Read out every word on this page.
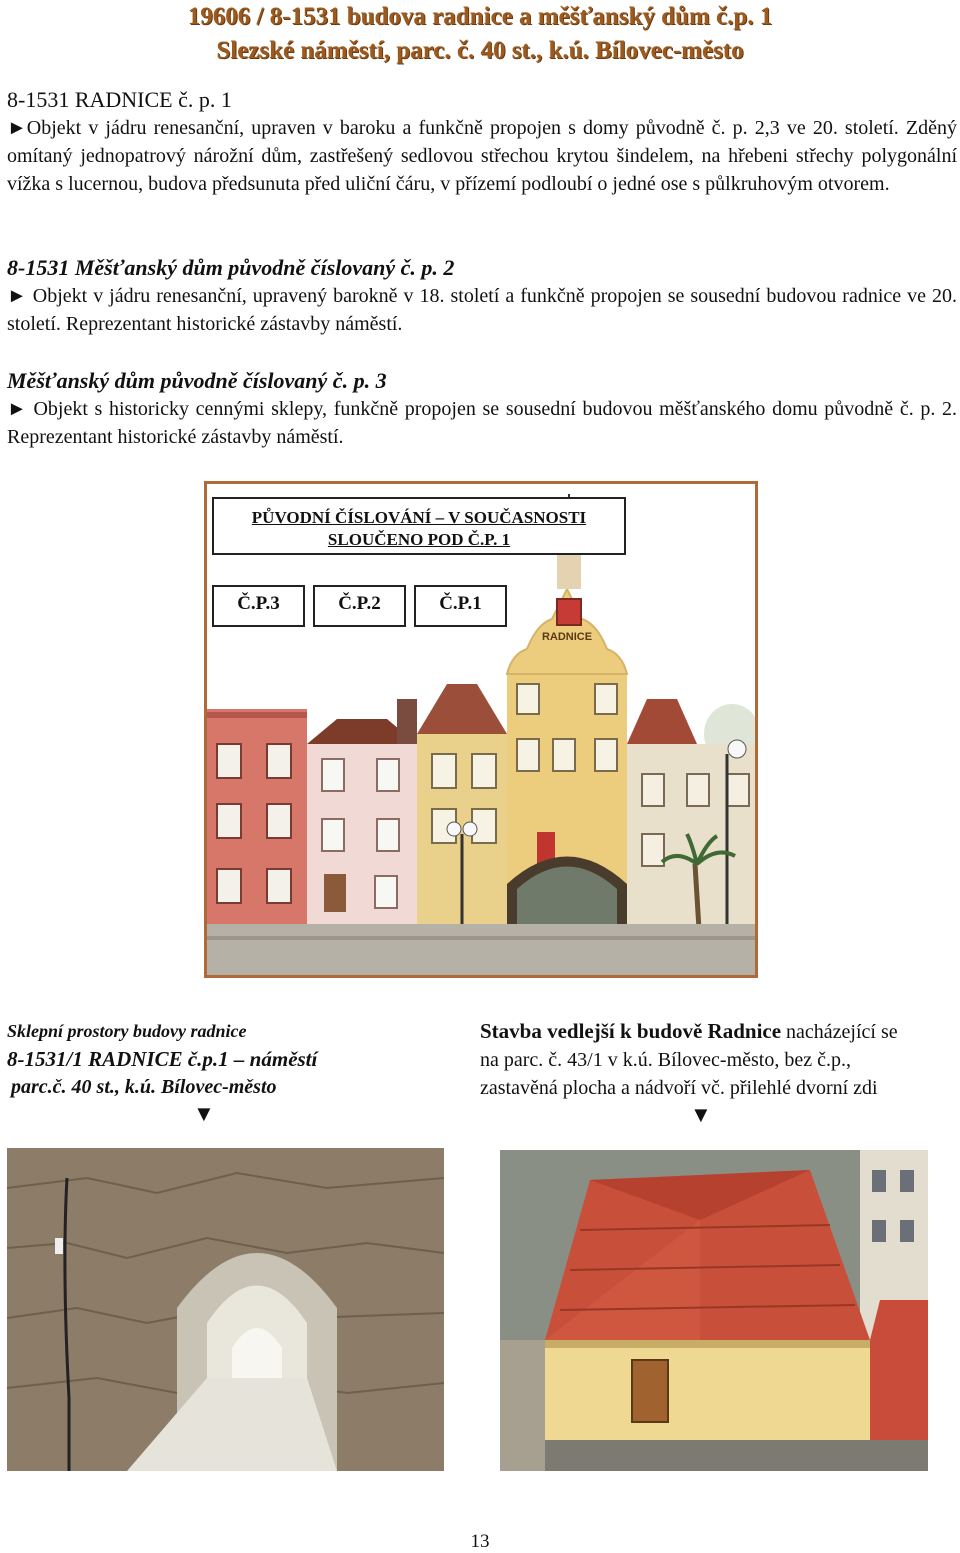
19606 / 8-1531 budova radnice a měšťanský dům č.p. 1
Slezské náměstí, parc. č. 40 st., k.ú. Bílovec-město

8-1531 RADNICE č. p. 1

►Objekt v jádru renesanční, upraven v baroku a funkčně propojen s domy původně č. p. 2,3 ve 20. století. Zděný omítaný jednopatrový nárožní dům, zastřešený sedlovou střechou krytou šindelem, na hřebeni střechy polygonální vížka s lucernou, budova předsunuta před uliční čáru, v přízemí podloubí o jedné ose s půlkruhovým otvorem.

8-1531 Měšťanský dům původně číslovaný č. p. 2

► Objekt v jádru renesanční, upravený barokně v 18. století a funkčně propojen se sousední budovou radnice ve 20. století. Reprezentant historické zástavby náměstí.

Měšťanský dům původně číslovaný č. p. 3

► Objekt s historicky cennými sklepy, funkčně propojen se sousední budovou měšťanského domu původně č. p. 2. Reprezentant historické zástavby náměstí.

RADNICE
PŮVODNÍ ČÍSLOVÁNÍ – V SOUČASNOSTI
SLOUČENO POD Č.P. 1
Č.P.3	Č.P.2	Č.P.1
Sklepní prostory budovy radnice
8-1531/1 RADNICE č.p.1 – náměstí
parc.č. 40 st., k.ú. Bílovec-město
▼
Stavba vedlejší k budově Radnice nacházející se
na parc. č. 43/1 v k.ú. Bílovec-město, bez č.p.,
zastavěná plocha a nádvoří vč. přilehlé dvorní zdi
▼
13
